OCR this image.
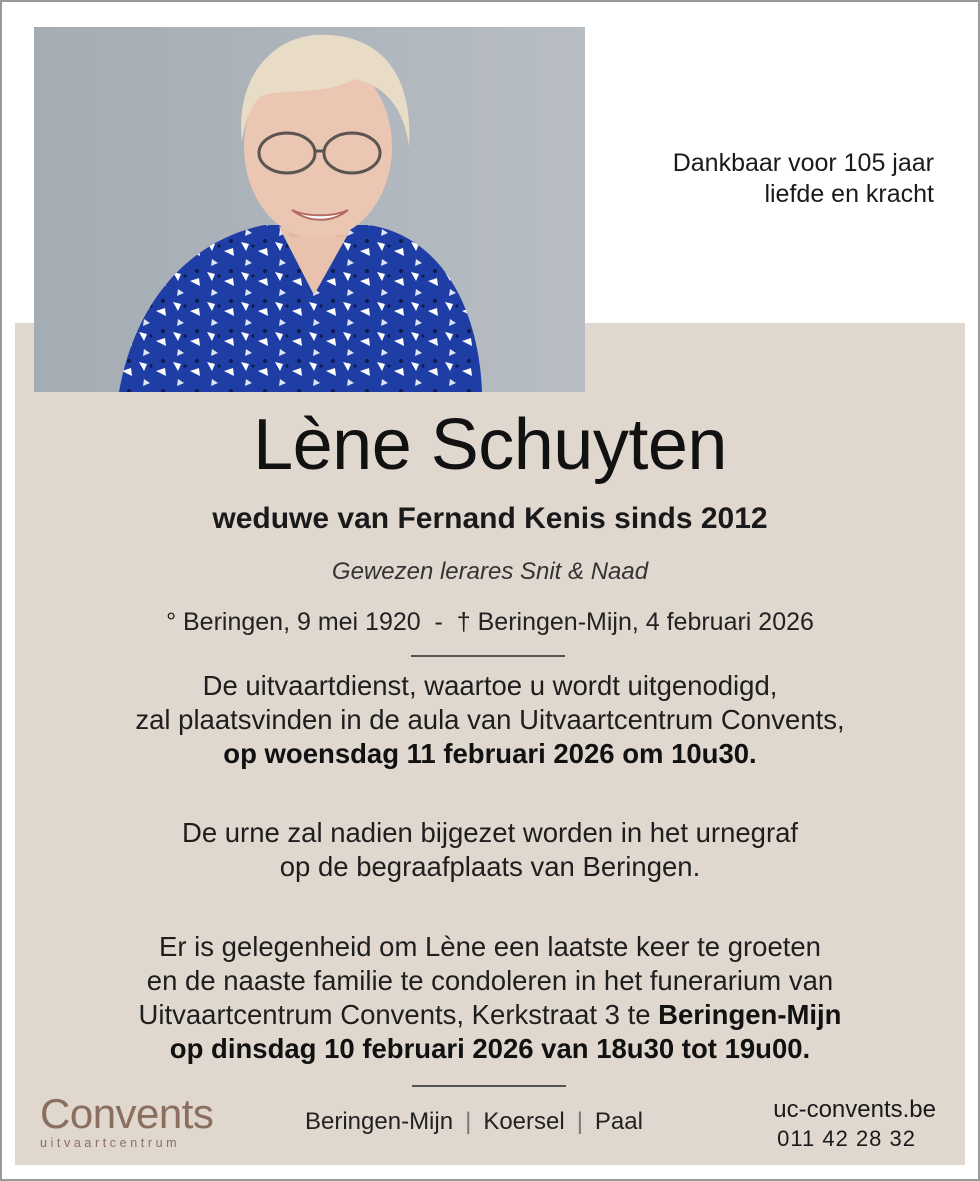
Dankbaar voor 105 jaar
liefde en kracht
Lène Schuyten
weduwe van Fernand Kenis sinds 2012
Gewezen lerares Snit & Naad
° Beringen, 9 mei 1920  -  † Beringen-Mijn, 4 februari 2026
De uitvaartdienst, waartoe u wordt uitgenodigd,
zal plaatsvinden in de aula van Uitvaartcentrum Convents,
op woensdag 11 februari 2026 om 10u30.
De urne zal nadien bijgezet worden in het urnegraf
op de begraafplaats van Beringen.
Er is gelegenheid om Lène een laatste keer te groeten
en de naaste familie te condoleren in het funerarium van
Uitvaartcentrum Convents, Kerkstraat 3 te Beringen-Mijn
op dinsdag 10 februari 2026 van 18u30 tot 19u00.
Convents
uitvaartcentrum
Beringen-Mijn | Koersel | Paal	uc-convents.be
011 42 28 32
